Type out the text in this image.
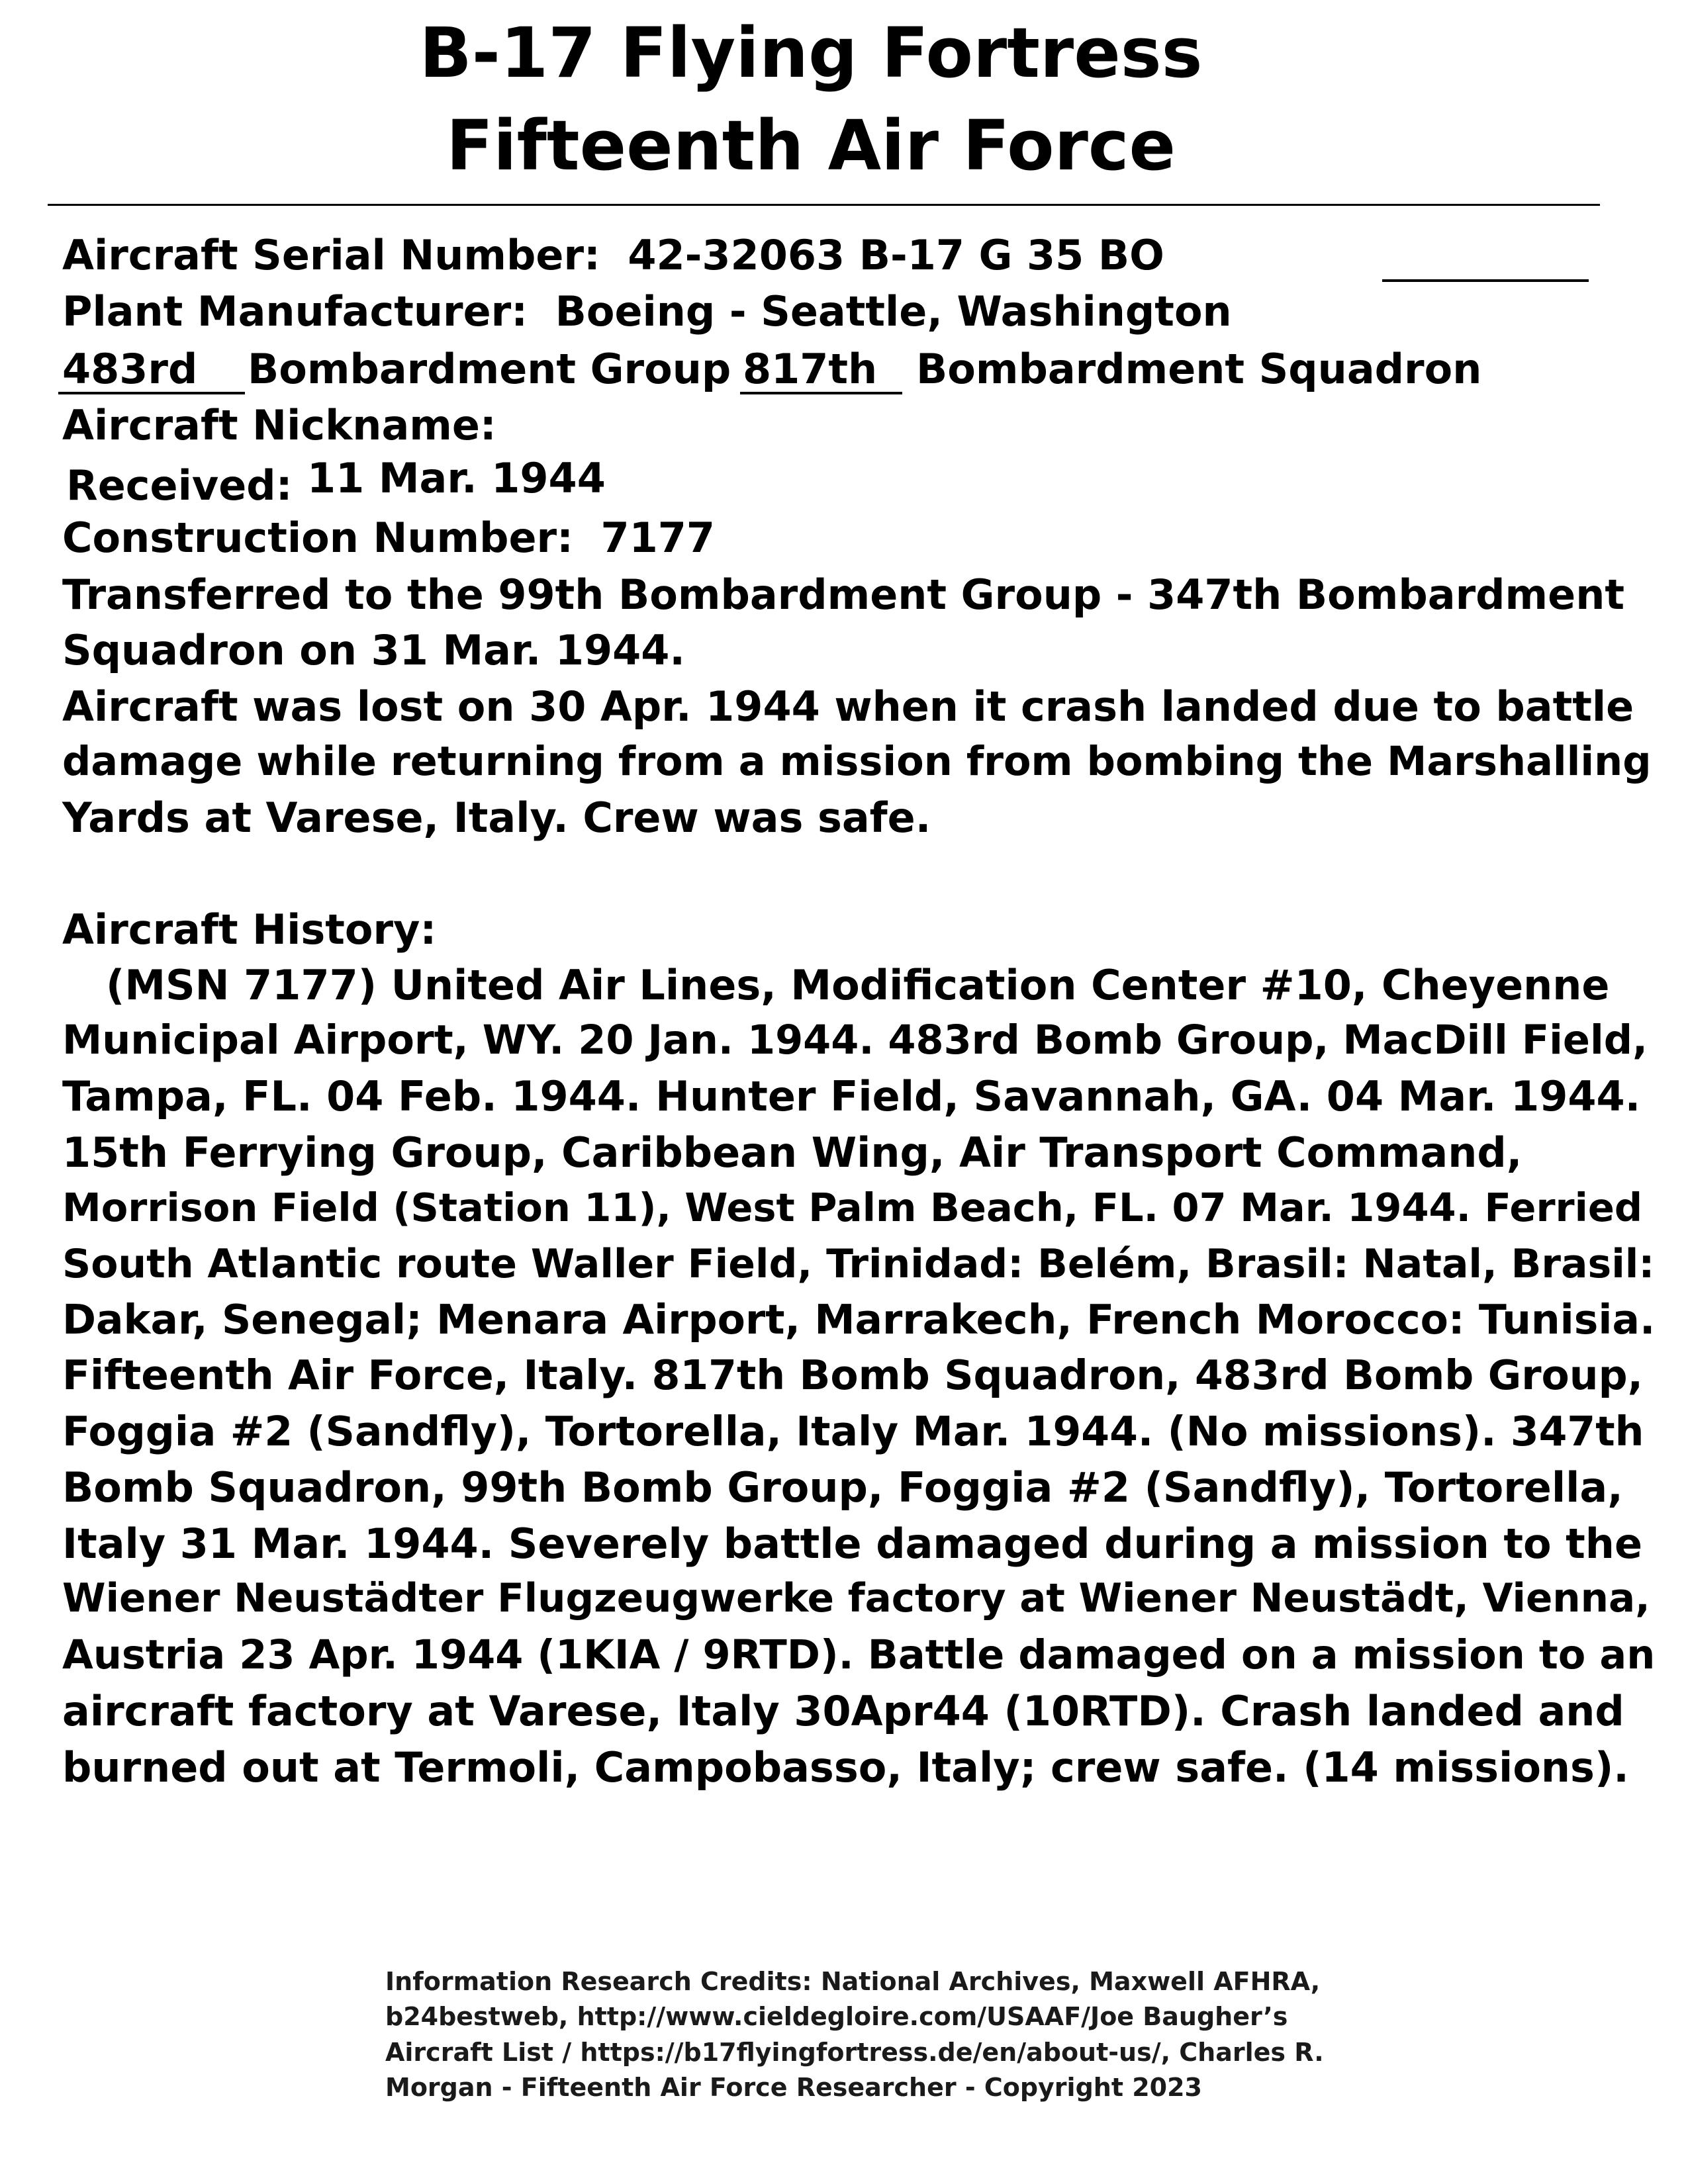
B-17 Flying Fortress
Fifteenth Air Force
Aircraft Serial Number: 42-32063 B-17 G 35 BO
Plant Manufacturer: Boeing - Seattle, Washington
483rd Bombardment Group 817th Bombardment Squadron
Aircraft Nickname:
Received: 11 Mar. 1944
Construction Number: 7177
Transferred to the 99th Bombardment Group - 347th Bombardment
Squadron on 31 Mar. 1944.
Aircraft was lost on 30 Apr. 1944 when it crash landed due to battle
damage while returning from a mission from bombing the Marshalling
Yards at Varese, Italy. Crew was safe.
Aircraft History:
(MSN 7177) United Air Lines, Modification Center #10, Cheyenne
Municipal Airport, WY. 20 Jan. 1944. 483rd Bomb Group, MacDill Field,
Tampa, FL. 04 Feb. 1944. Hunter Field, Savannah, GA. 04 Mar. 1944.
15th Ferrying Group, Caribbean Wing, Air Transport Command,
Morrison Field (Station 11), West Palm Beach, FL. 07 Mar. 1944. Ferried
South Atlantic route Waller Field, Trinidad: Belém, Brasil: Natal, Brasil:
Dakar, Senegal; Menara Airport, Marrakech, French Morocco: Tunisia.
Fifteenth Air Force, Italy. 817th Bomb Squadron, 483rd Bomb Group,
Foggia #2 (Sandfly), Tortorella, Italy Mar. 1944. (No missions). 347th
Bomb Squadron, 99th Bomb Group, Foggia #2 (Sandfly), Tortorella,
Italy 31 Mar. 1944. Severely battle damaged during a mission to the
Wiener Neustädter Flugzeugwerke factory at Wiener Neustädt, Vienna,
Austria 23 Apr. 1944 (1KIA / 9RTD). Battle damaged on a mission to an
aircraft factory at Varese, Italy 30Apr44 (10RTD). Crash landed and
burned out at Termoli, Campobasso, Italy; crew safe. (14 missions).
Information Research Credits: National Archives, Maxwell AFHRA,
b24bestweb, http://www.cieldegloire.com/USAAF/Joe Baugher’s
Aircraft List / https://b17flyingfortress.de/en/about-us/, Charles R.
Morgan - Fifteenth Air Force Researcher - Copyright 2023
